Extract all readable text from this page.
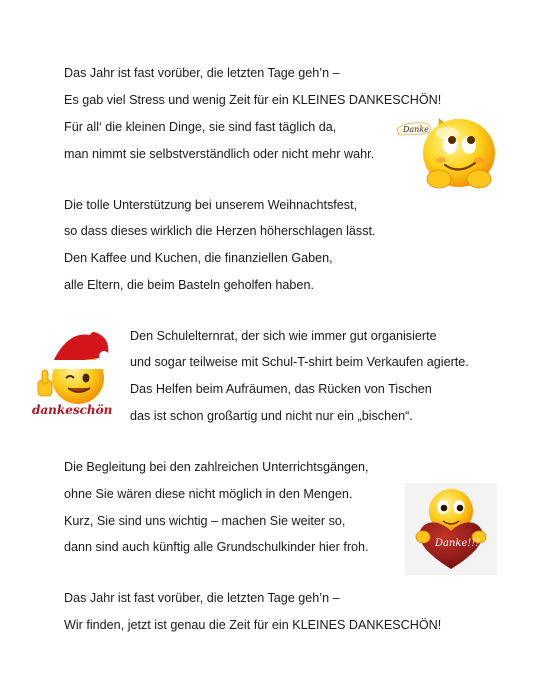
Das Jahr ist fast vorüber, die letzten Tage geh’n –
Es gab viel Stress und wenig Zeit für ein KLEINES DANKESCHÖN!
Für all‘ die kleinen Dinge, sie sind fast täglich da,
man nimmt sie selbstverständlich oder nicht mehr wahr.
Die tolle Unterstützung bei unserem Weihnachtsfest,
so dass dieses wirklich die Herzen höherschlagen lässt.
Den Kaffee und Kuchen, die finanziellen Gaben,
alle Eltern, die beim Basteln geholfen haben.
Den Schulelternrat, der sich wie immer gut organisierte
und sogar teilweise mit Schul-T-shirt beim Verkaufen agierte.
Das Helfen beim Aufräumen, das Rücken von Tischen
das ist schon großartig und nicht nur ein „bischen“.
Die Begleitung bei den zahlreichen Unterrichtsgängen,
ohne Sie wären diese nicht möglich in den Mengen.
Kurz, Sie sind uns wichtig – machen Sie weiter so,
dann sind auch künftig alle Grundschulkinder hier froh.
Das Jahr ist fast vorüber, die letzten Tage geh’n –
Wir finden, jetzt ist genau die Zeit für ein KLEINES DANKESCHÖN!
Danke
dankeschön
Danke!!!
